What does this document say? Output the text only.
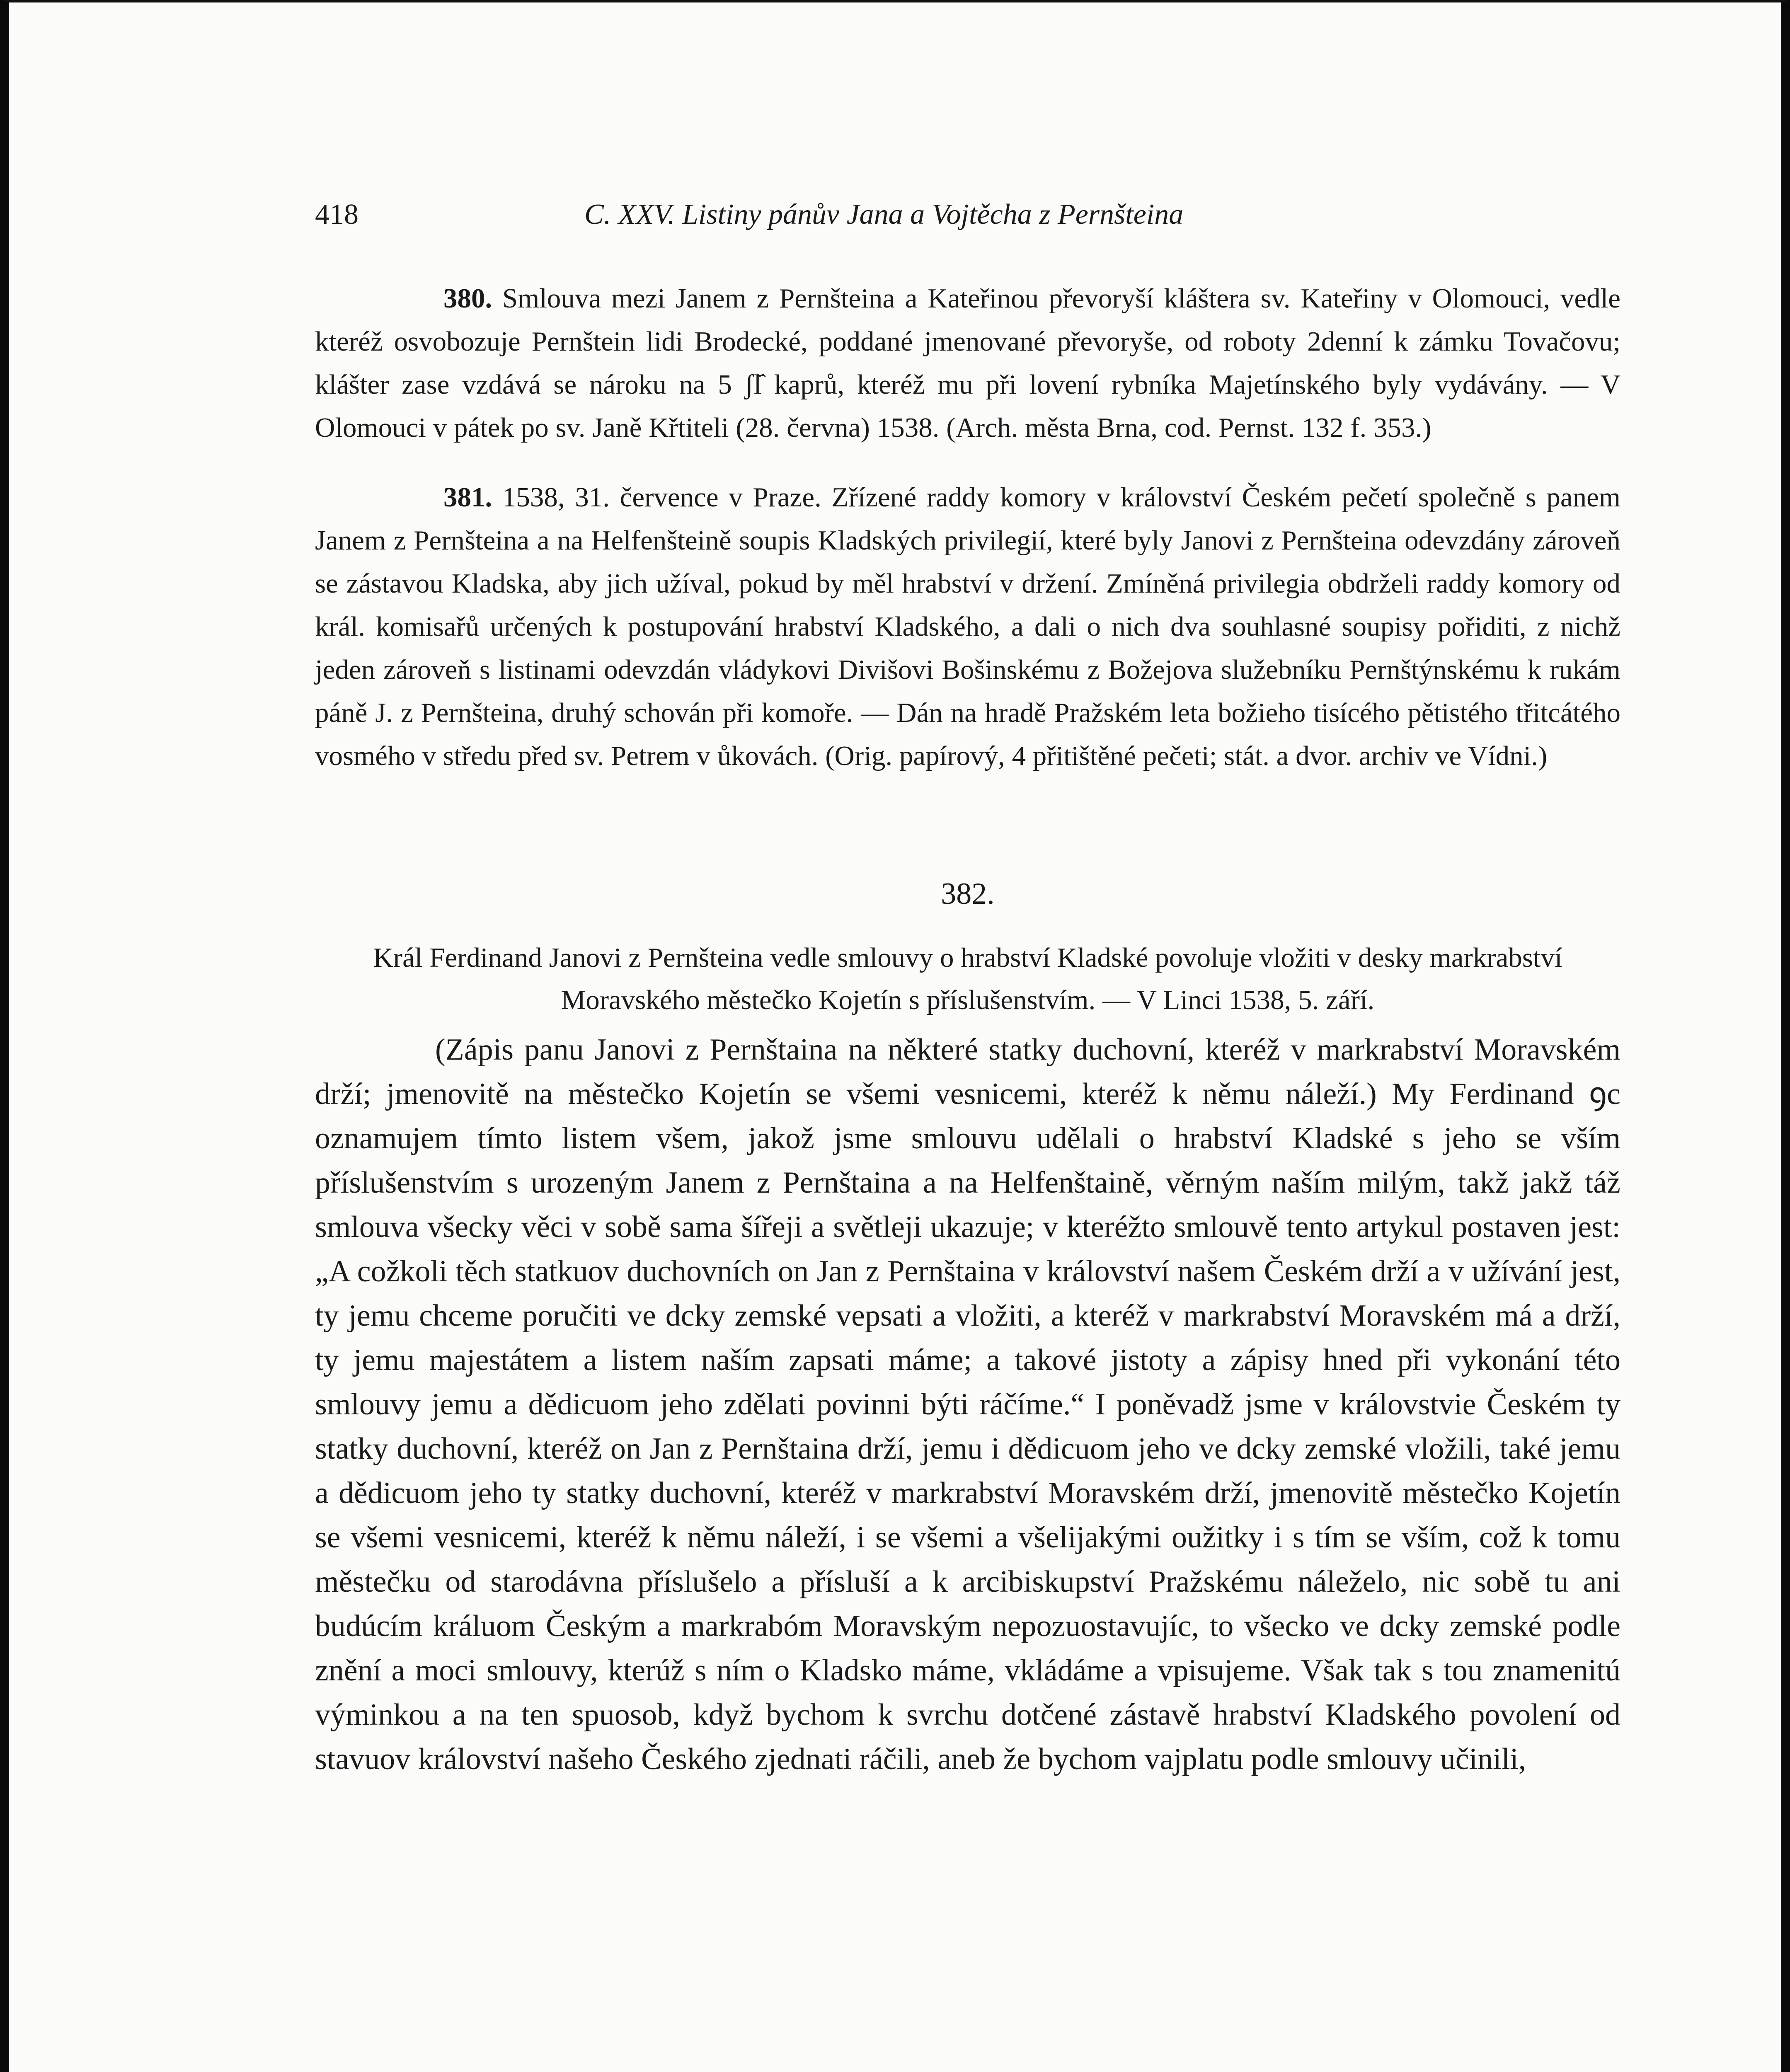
418	C. XXV. Listiny pánův Jana a Vojtěcha z Pernšteina

380. Smlouva mezi Janem z Pernšteina a Kateřinou převoryší kláštera sv. Kateřiny v Olomouci, vedle kteréž osvobozuje Pernštein lidi Brodecké, poddané jmenované převoryše, od roboty 2denní k zámku Tovačovu; klášter zase vzdává se nároku na 5 ʃl᷈ kaprů, kteréž mu při lovení rybníka Majetínského byly vydávány. — V Olomouci v pátek po sv. Janě Křtiteli (28. června) 1538. (Arch. města Brna, cod. Pernst. 132 f. 353.)

381. 1538, 31. července v Praze. Zřízené raddy komory v království Českém pečetí společně s panem Janem z Pernšteina a na Helfenšteině soupis Kladských privilegií, které byly Janovi z Pernšteina odevzdány zároveň se zástavou Kladska, aby jich užíval, pokud by měl hrabství v držení. Zmíněná privilegia obdrželi raddy komory od král. komisařů určených k postupování hrabství Kladského, a dali o nich dva souhlasné soupisy pořiditi, z nichž jeden zároveň s listinami odevzdán vládykovi Divišovi Bošinskému z Božejova služebníku Pernštýnskému k rukám páně J. z Pernšteina, druhý schován při komoře. — Dán na hradě Pražském leta božieho tisícého pětistého třitcátého vosmého v středu před sv. Petrem v ůkovách. (Orig. papírový, 4 přitištěné pečeti; stát. a dvor. archiv ve Vídni.)

382.
Král Ferdinand Janovi z Pernšteina vedle smlouvy o hrabství Kladské povoluje vložiti v desky markrabství Moravského městečko Kojetín s příslušenstvím. — V Linci 1538, 5. září.

(Zápis panu Janovi z Pernštaina na některé statky duchovní, kteréž v markrabství Moravském drží; jmenovitě na městečko Kojetín se všemi vesnicemi, kteréž k němu náleží.) My Ferdinand ꝯc oznamujem tímto listem všem, jakož jsme smlouvu udělali o hrabství Kladské s jeho se vším příslušenstvím s urozeným Janem z Pernštaina a na Helfenštaině, věrným naším milým, takž jakž táž smlouva všecky věci v sobě sama šířeji a světleji ukazuje; v kteréžto smlouvě tento artykul postaven jest: „A cožkoli těch statkuov duchovních on Jan z Pernštaina v království našem Českém drží a v užívání jest, ty jemu chceme poručiti ve dcky zemské vepsati a vložiti, a kteréž v markrabství Moravském má a drží, ty jemu majestátem a listem naším zapsati máme; a takové jistoty a zápisy hned při vykonání této smlouvy jemu a dědicuom jeho zdělati povinni býti ráčíme.“ I poněvadž jsme v královstvie Českém ty statky duchovní, kteréž on Jan z Pernštaina drží, jemu i dědicuom jeho ve dcky zemské vložili, také jemu a dědicuom jeho ty statky duchovní, kteréž v markrabství Moravském drží, jmenovitě městečko Kojetín se všemi vesnicemi, kteréž k němu náleží, i se všemi a všelijakými oužitky i s tím se vším, což k tomu městečku od starodávna příslušelo a přísluší a k arcibiskupství Pražskému náleželo, nic sobě tu ani budúcím králuom Českým a markrabóm Moravským nepozuostavujíc, to všecko ve dcky zemské podle znění a moci smlouvy, kterúž s ním o Kladsko máme, vkládáme a vpisujeme. Však tak s tou znamenitú výminkou a na ten spuosob, když bychom k svrchu dotčené zástavě hrabství Kladského povolení od stavuov království našeho Českého zjednati ráčili, aneb že bychom vajplatu podle smlouvy učinili,
